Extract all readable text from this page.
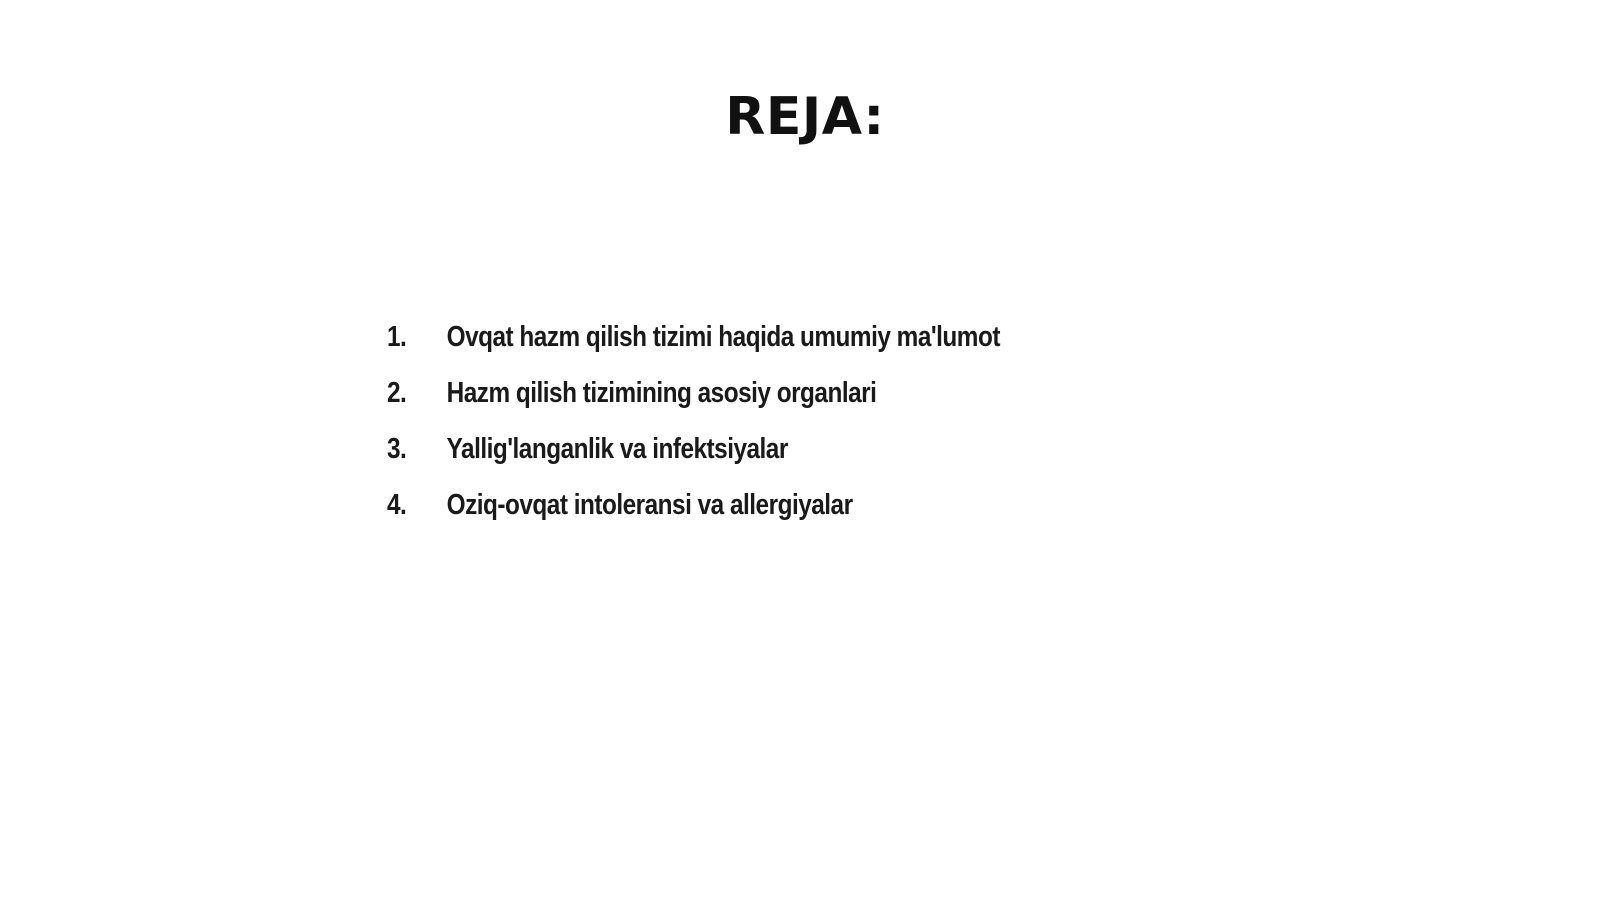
REJA:
1.	Ovqat hazm qilish tizimi haqida umumiy ma'lumot
2.	Hazm qilish tizimining asosiy organlari
3.	Yallig'langanlik va infektsiyalar
4.	Oziq-ovqat intoleransi va allergiyalar
